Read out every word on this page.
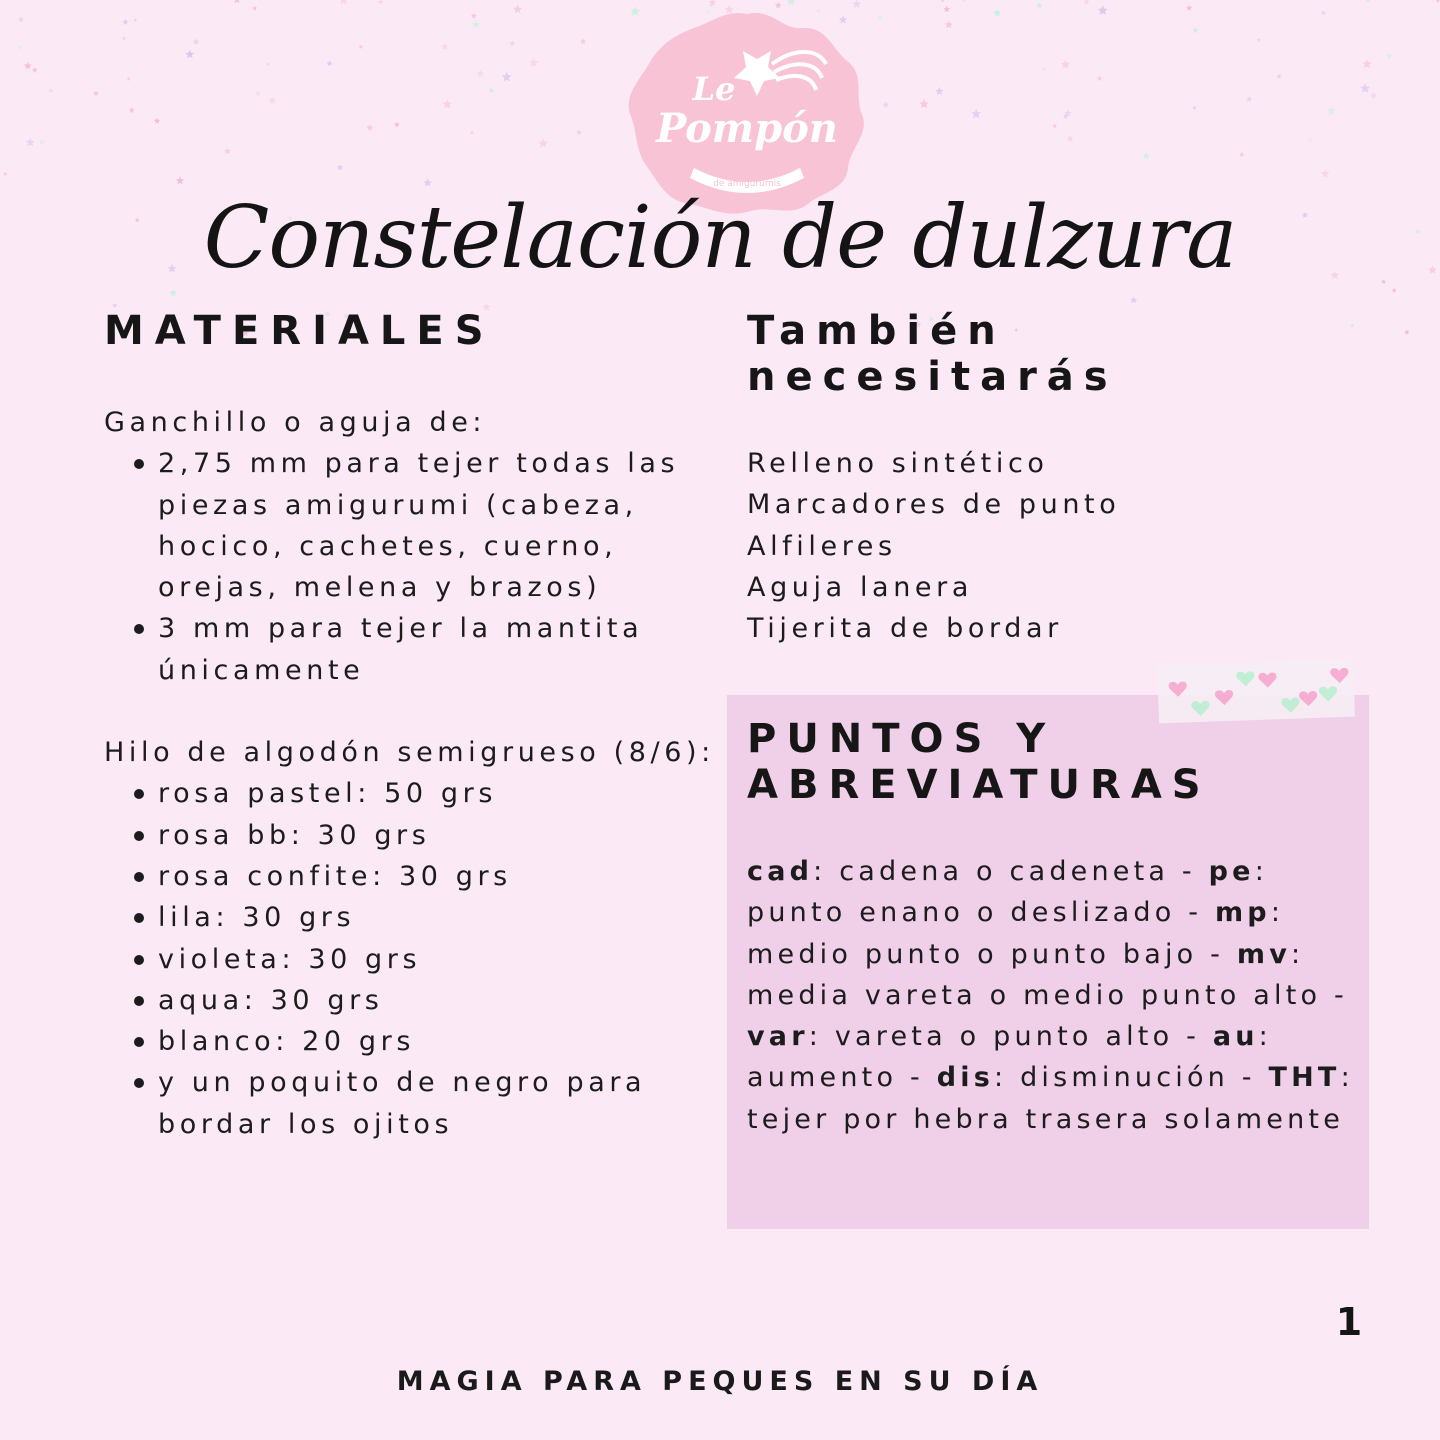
Le
Pompón
de amigurumis
Constelación de dulzura
MATERIALES

Ganchillo o aguja de:

2,75 mm para tejer todas las piezas amigurumi (cabeza, hocico, cachetes, cuerno, orejas, melena y brazos)
3 mm para tejer la mantita únicamente

Hilo de algodón semigrueso (8/6):

rosa pastel: 50 grs
rosa bb: 30 grs
rosa confite: 30 grs
lila: 30 grs
violeta: 30 grs
aqua: 30 grs
blanco: 20 grs
y un poquito de negro para bordar los ojitos
También necesitarás
Relleno sintético
Marcadores de punto
Alfileres
Aguja lanera
Tijerita de bordar
PUNTOS Y ABREVIATURAS

cad: cadena o cadeneta - pe: punto enano o deslizado - mp: medio punto o punto bajo - mv: media vareta o medio punto alto - var: vareta o punto alto - au: aumento - dis: disminución - THT: tejer por hebra trasera solamente

1
MAGIA PARA PEQUES EN SU DÍA
